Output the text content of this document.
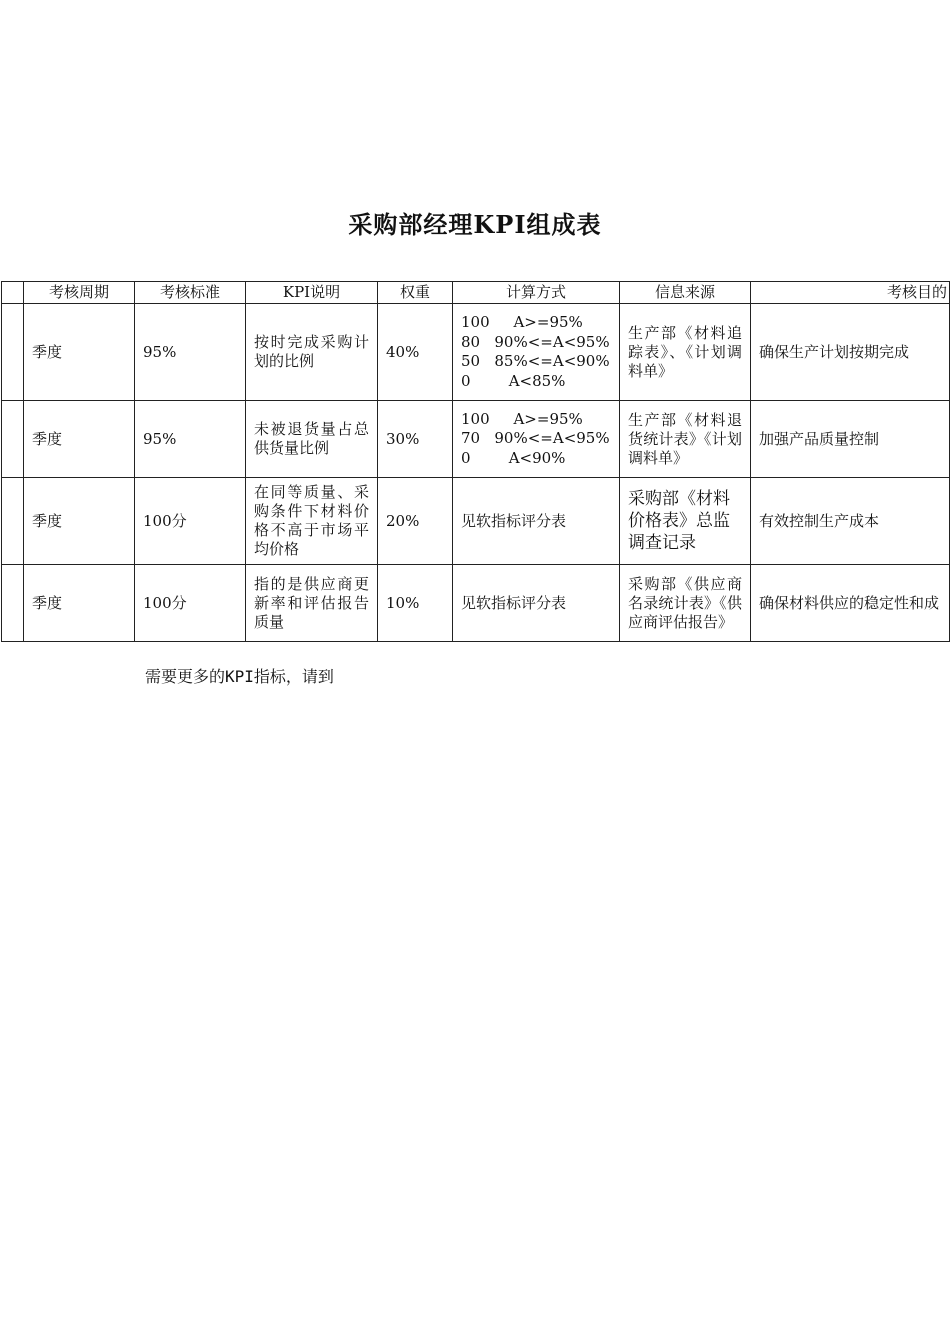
采购部经理KPI组成表
	考核周期	考核标准	KPI说明	权重	计算方式	信息来源	考核目的
	季度	95%	按时完成采购计划的比例	40%	100     A>=95%
80   90%<=A<95%
50   85%<=A<90%
0        A<85%	生产部《材料追踪表》、《计划调料单》	确保生产计划按期完成
	季度	95%	未被退货量占总供货量比例	30%	100     A>=95%
70   90%<=A<95%
0        A<90%	生产部《材料退货统计表》《计划调料单》	加强产品质量控制
	季度	100分	在同等质量、采购条件下材料价格不高于市场平均价格	20%	见软指标评分表	采购部《材料价格表》总监调查记录	有效控制生产成本
	季度	100分	指的是供应商更新率和评估报告质量	10%	见软指标评分表	采购部《供应商名录统计表》《供应商评估报告》	确保材料供应的稳定性和成
需要更多的KPI指标，请到
